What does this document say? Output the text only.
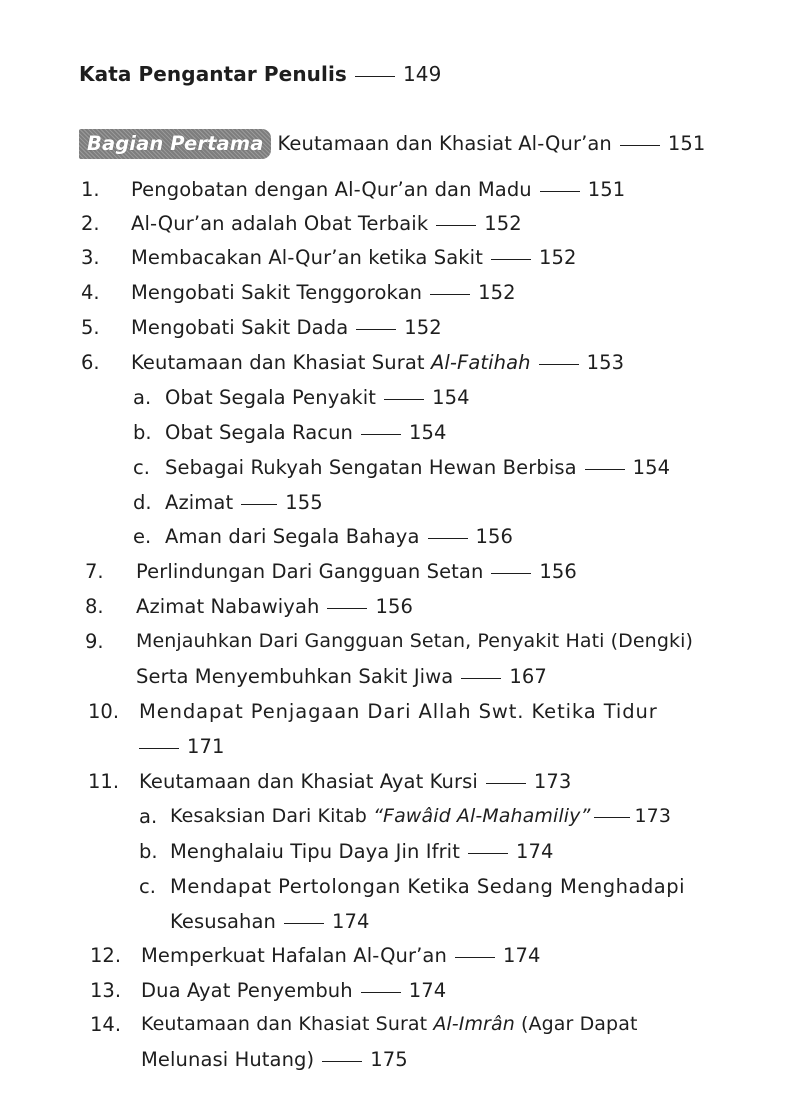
Kata Pengantar Penulis	149
Bagian Pertama Keutamaan dan Khasiat Al-Qur’an	151
1. Pengobatan dengan Al-Qur’an dan Madu	151
2. Al-Qur’an adalah Obat Terbaik	152
3. Membacakan Al-Qur’an ketika Sakit	152
4. Mengobati Sakit Tenggorokan	152
5. Mengobati Sakit Dada	152
6. Keutamaan dan Khasiat Surat Al-Fatihah	153
a. Obat Segala Penyakit	154
b. Obat Segala Racun	154
c. Sebagai Rukyah Sengatan Hewan Berbisa	154
d. Azimat	155
e. Aman dari Segala Bahaya	156
7. Perlindungan Dari Gangguan Setan	156
8. Azimat Nabawiyah	156
9. Menjauhkan Dari Gangguan Setan, Penyakit Hati (Dengki)
Serta Menyembuhkan Sakit Jiwa	167
10. Mendapat Penjagaan Dari Allah Swt. Ketika Tidur
171
11. Keutamaan dan Khasiat Ayat Kursi	173
a. Kesaksian Dari Kitab “Fawâid Al-Mahamiliy” 173
b. Menghalaiu Tipu Daya Jin Ifrit	174
c. Mendapat Pertolongan Ketika Sedang Menghadapi
Kesusahan	174
12. Memperkuat Hafalan Al-Qur’an	174
13. Dua Ayat Penyembuh	174
14. Keutamaan dan Khasiat Surat Al-Imrân (Agar Dapat
Melunasi Hutang)	175
